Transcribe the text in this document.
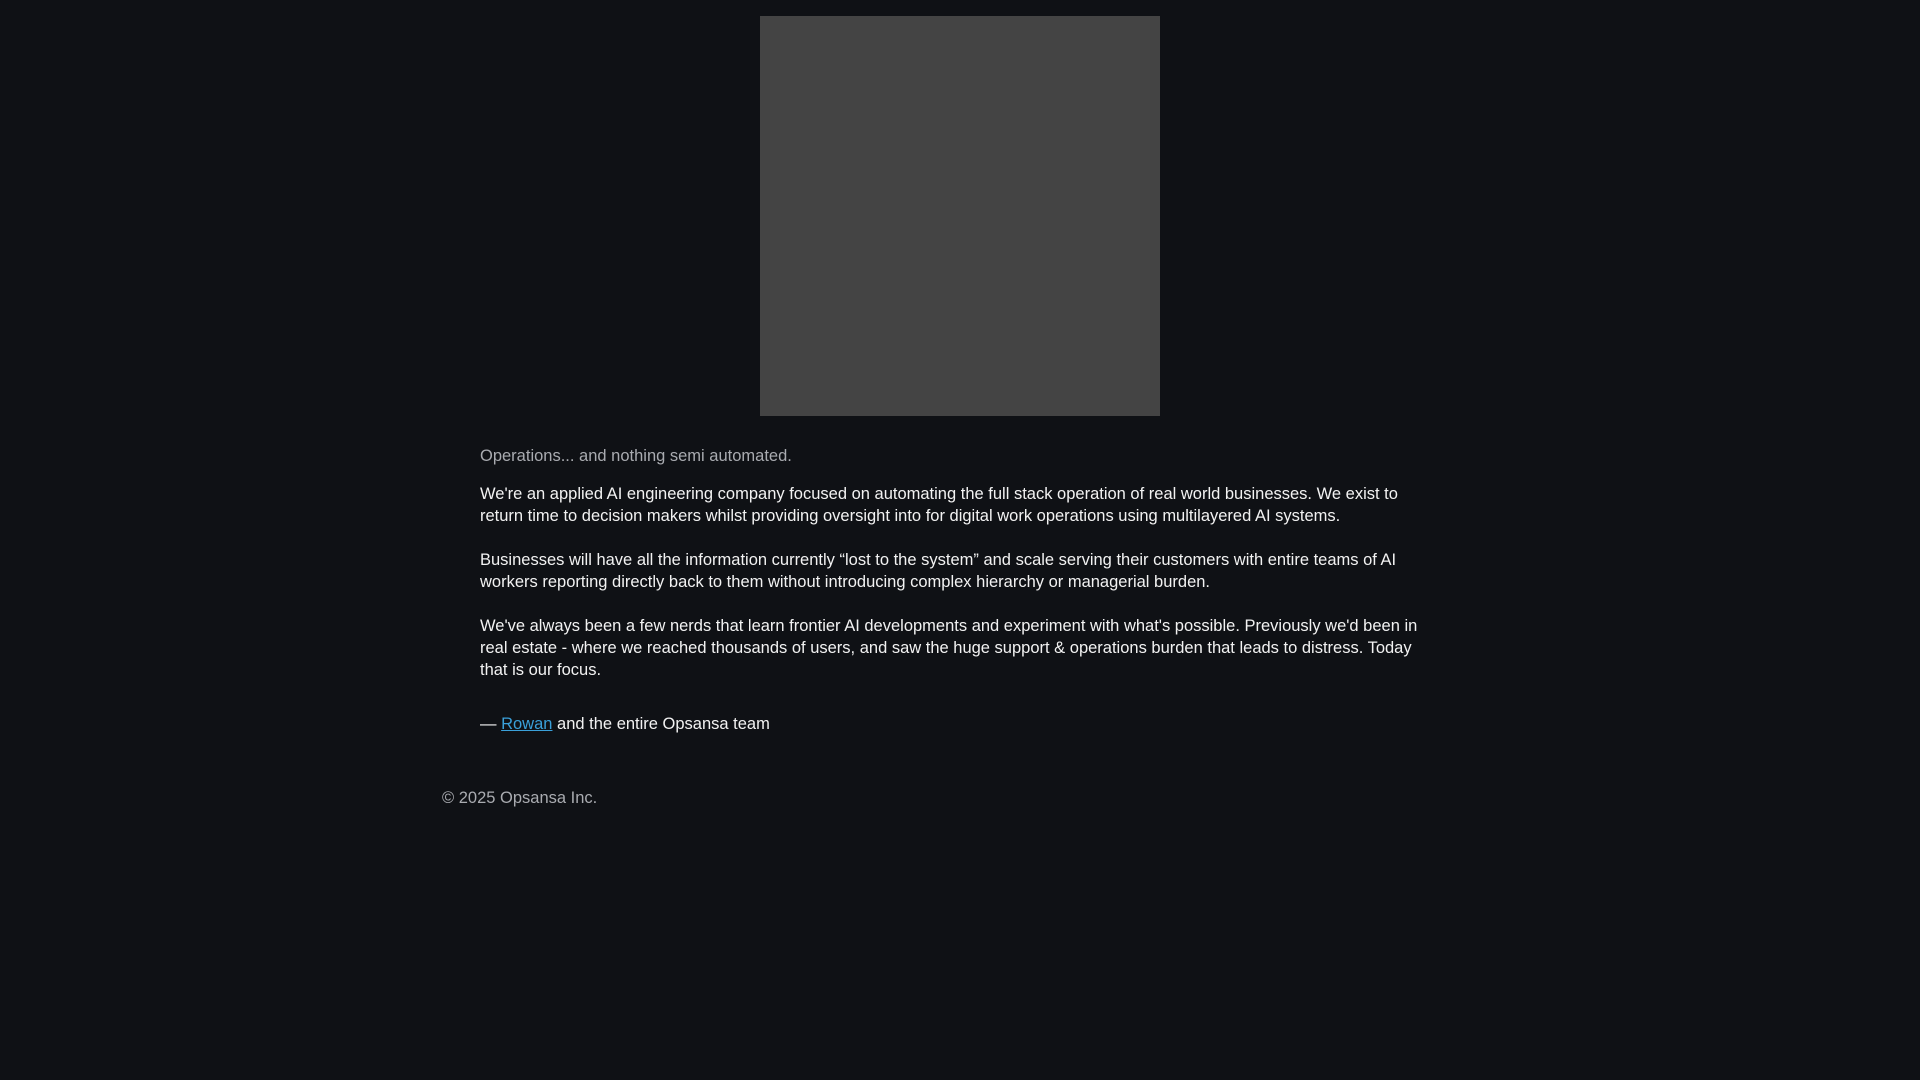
Operations... and nothing semi automated.

We're an applied AI engineering company focused on automating the full stack operation of real world businesses. We exist to return time to decision makers whilst providing oversight into for digital work operations using multilayered AI systems.

Businesses will have all the information currently “lost to the system” and scale serving their customers with entire teams of AI workers reporting directly back to them without introducing complex hierarchy or managerial burden.

We've always been a few nerds that learn frontier AI developments and experiment with what's possible. Previously we'd been in real estate - where we reached thousands of users, and saw the huge support & operations burden that leads to distress. Today that is our focus.

— Rowan and the entire Opsansa team

© 2025 Opsansa Inc.
